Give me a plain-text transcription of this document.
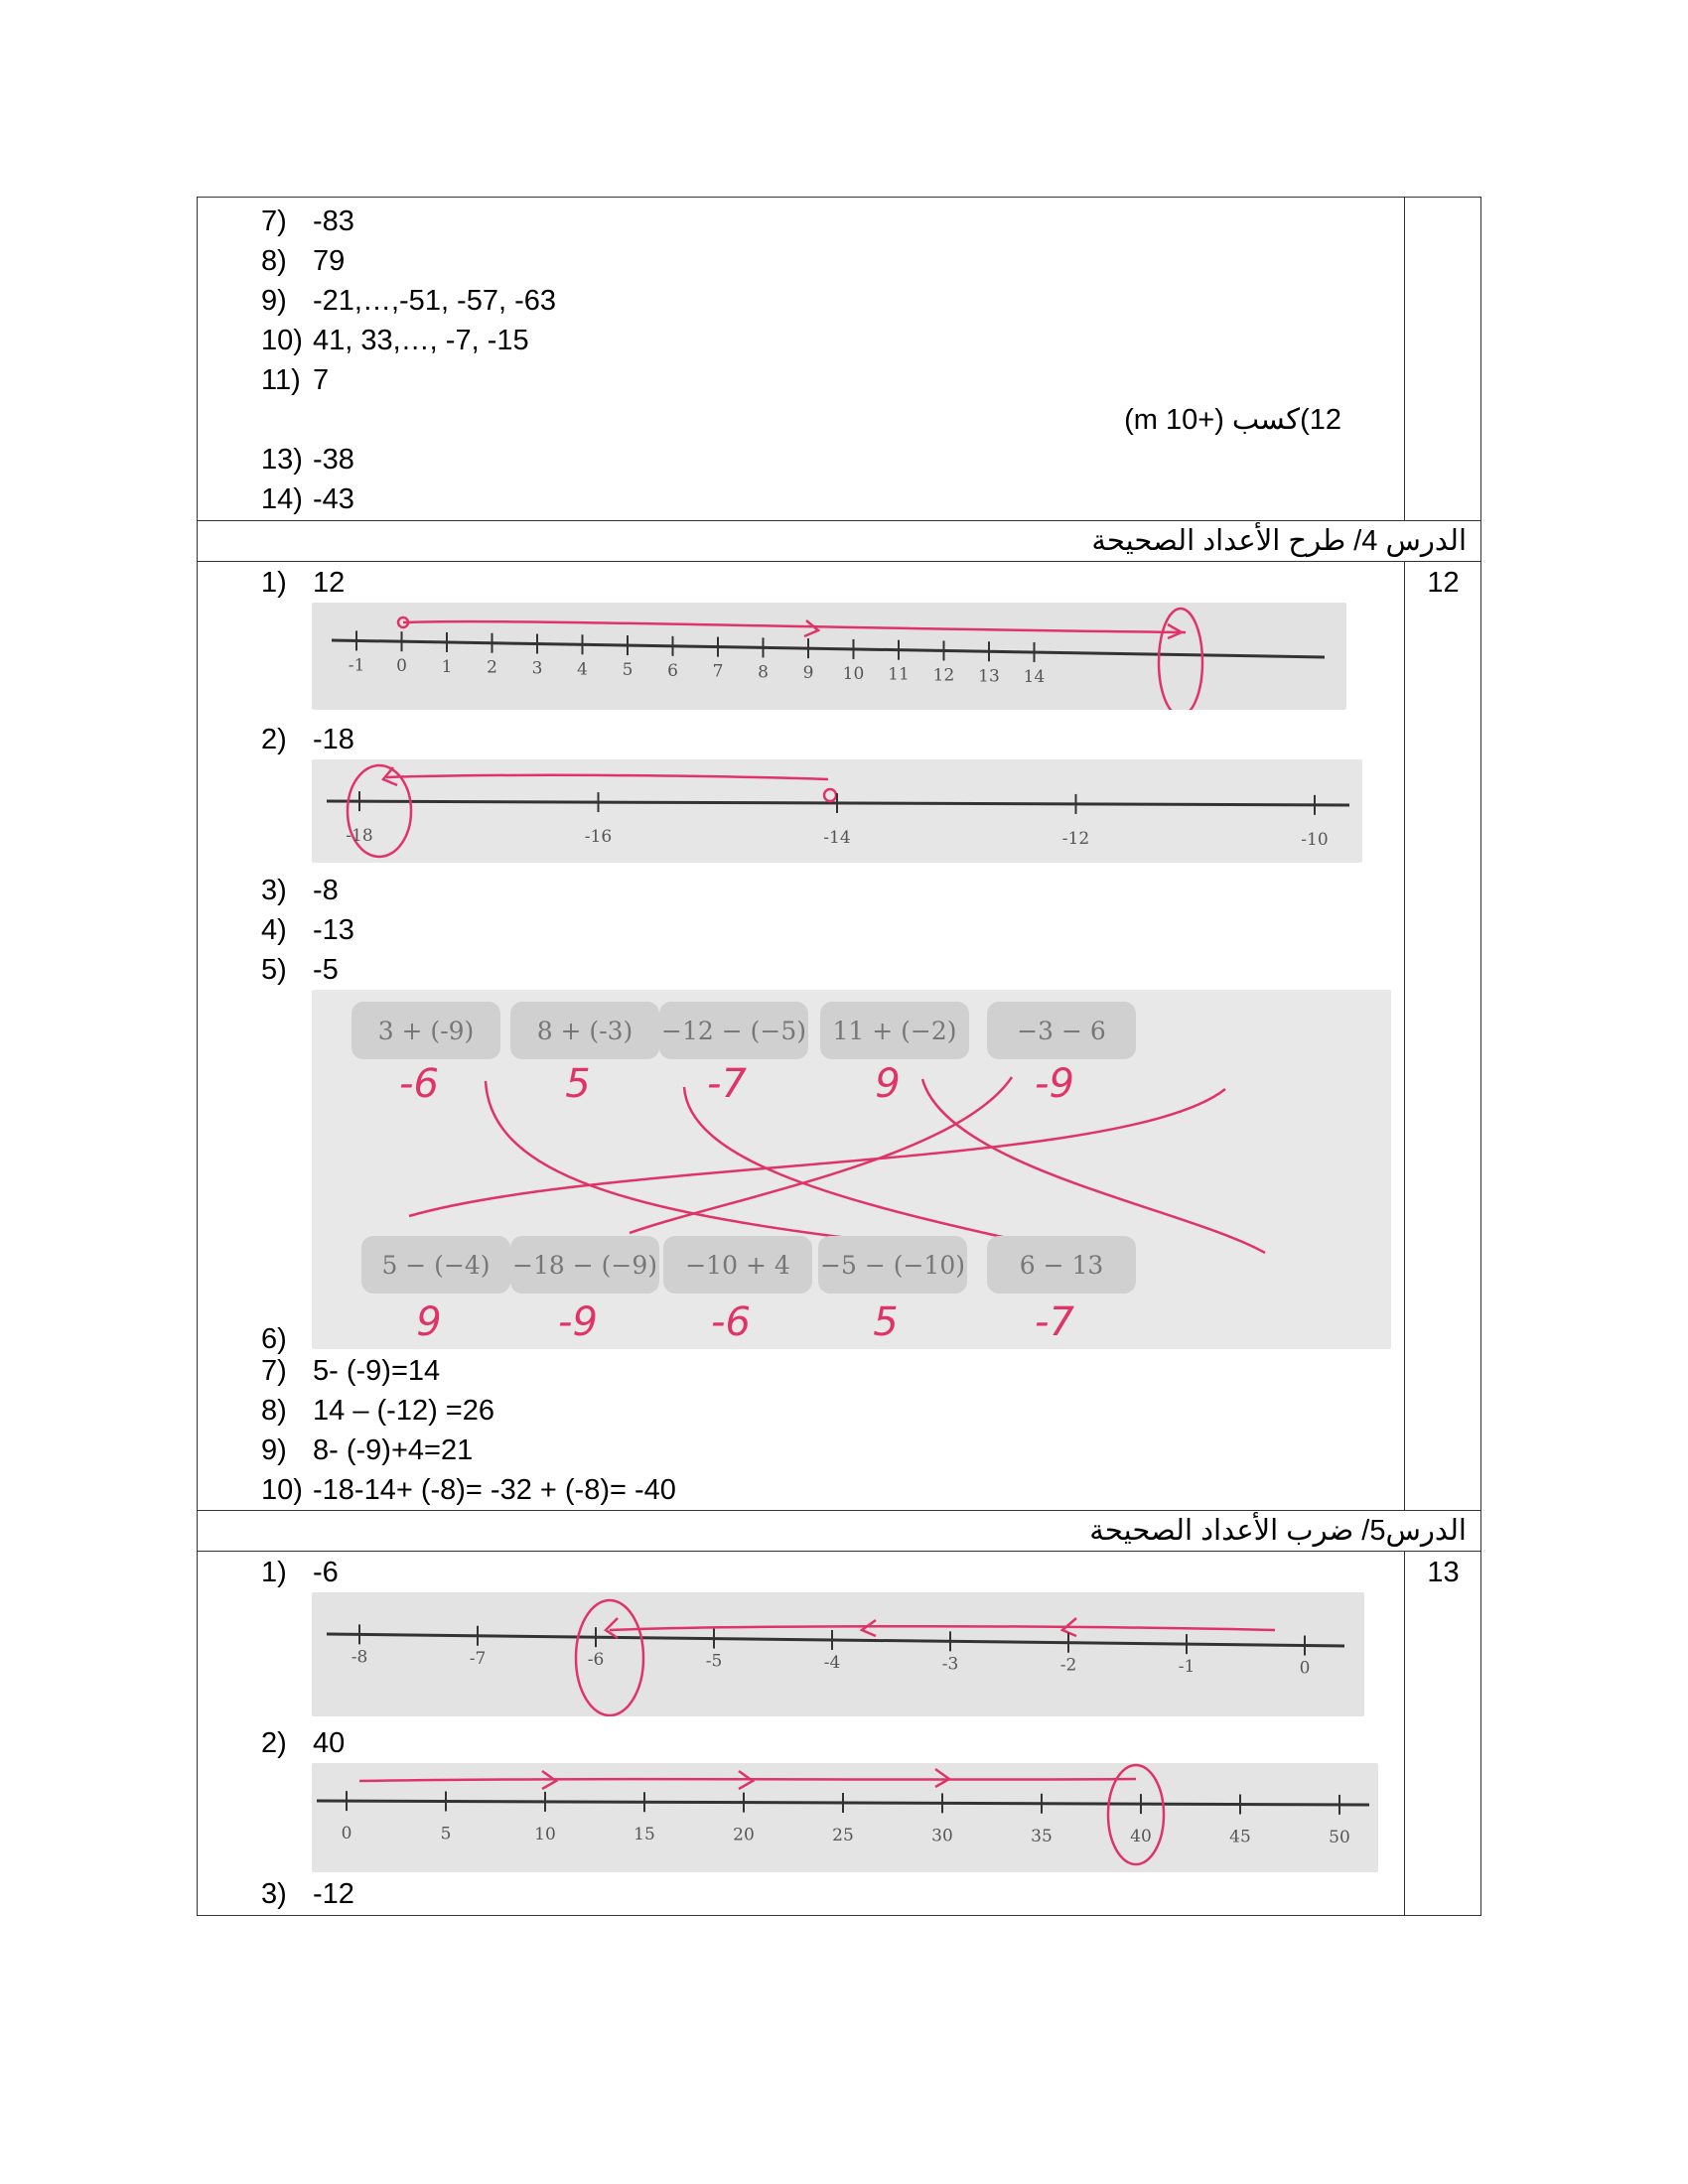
7) -83
8) 79
9) -21,…,-51, -57, -63
10) 41, 33,…, -7, -15
11) 7
12)كسب (+10 m)
13) -38
14) -43
الدرس 4/ طرح الأعداد الصحيحة
12
1) 12
-1 0 1 2 3 4 5 6 7 8 9 10 11 12 13 14
2) -18
-18	-16	-14	-12	-10
3) -8
4) -13
5) -5
3 + (-9)
-6
8 + (-3)
5
−12 − (−5)
-7
11 + (−2)
9
−3 − 6
-9
5 − (−4)
9
−18 − (−9)
-9
−10 + 4
-6
−5 − (−10)
5
6 − 13
-7
6)
7) 5- (-9)=14
8) 14 – (-12) =26
9) 8- (-9)+4=21
10) -18-14+ (-8)= -32 + (-8)= -40
الدرس5/ ضرب الأعداد الصحيحة
13
1) -6
-8	-7	-6	-5	-4	-3	-2	-1	0
2) 40
0	5	10	15	20	25	30	35	40	45	50
3) -12
